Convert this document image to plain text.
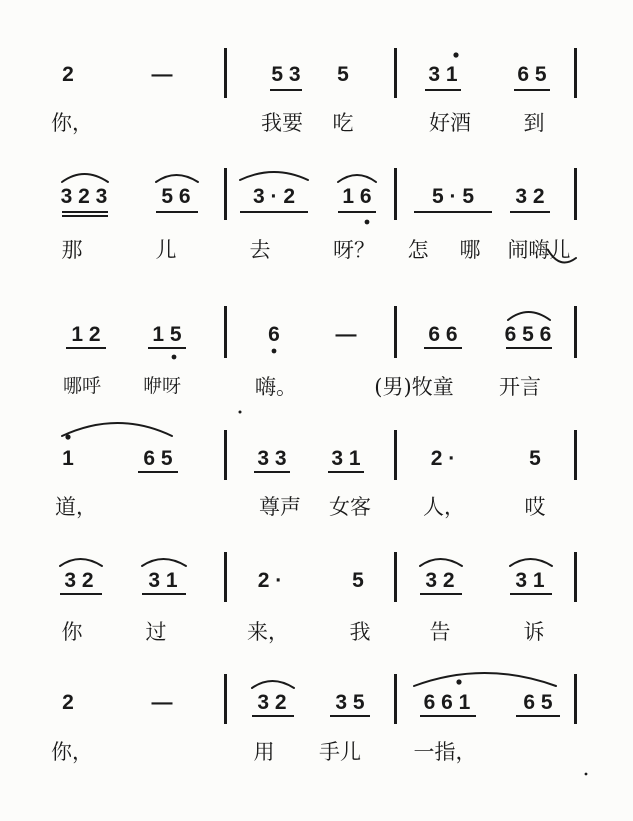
2	—	5 3 5	3 1	6 5
你，	我要 吃	好酒	到
3 2 3	5 6	3 · 2 1 6	5 · 5 3 2
那	儿	去	呀？ 怎 哪 闹嗨儿
1 2 1 5	6	—	6 6 6 5 6
哪呼 咿呀	嗨。	(男)牧童 开言
1	6 5	3 3 3 1	2 ·	5
道，	尊声 女客 人，	哎
3 2	3 1	2 ·	5	3 2	3 1
你	过	来，	我	告	诉
2	—	3 2 3 5	6 6 1	6 5
你，	用 手儿	一指，
